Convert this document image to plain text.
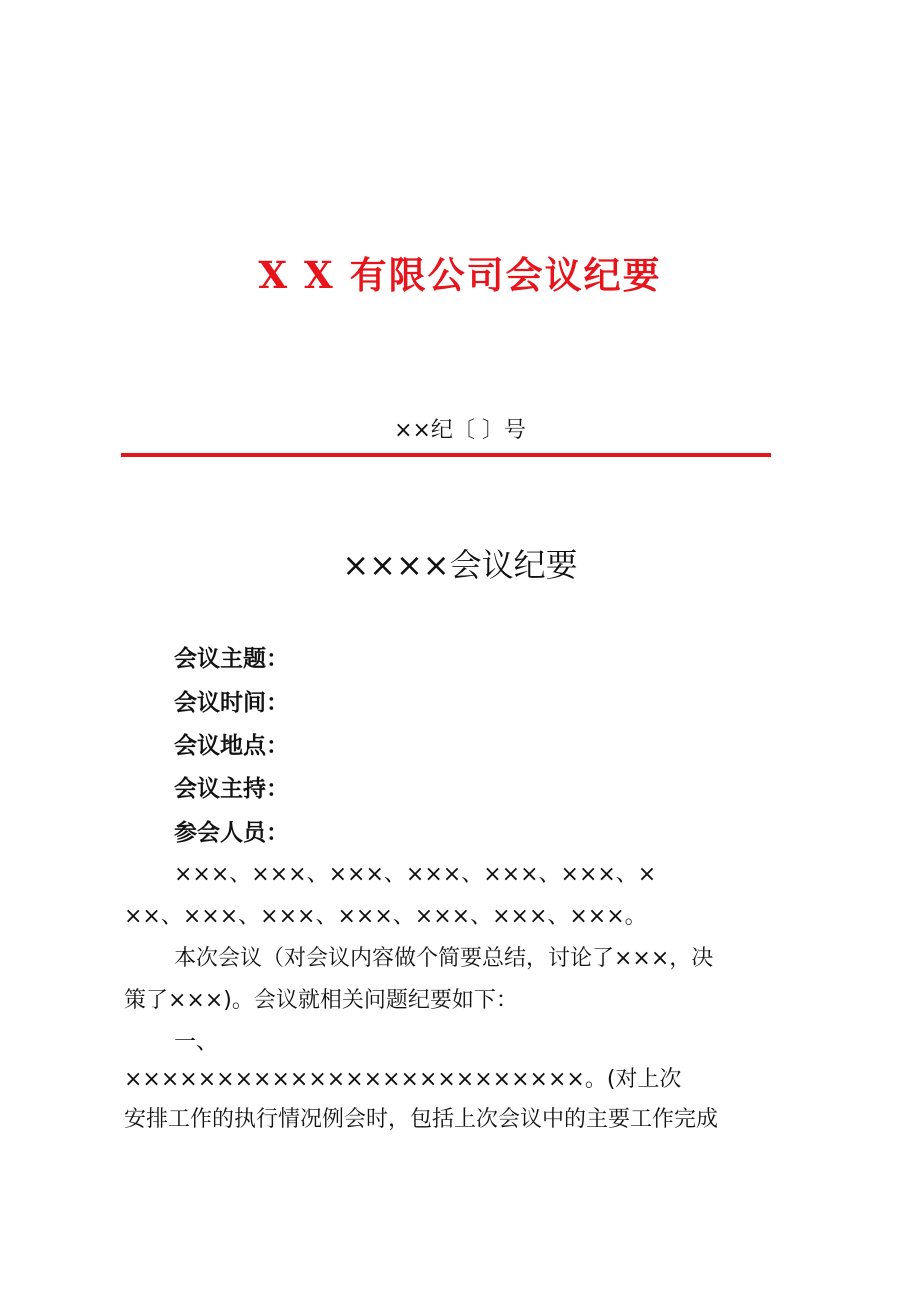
X X 有限公司会议纪要
××纪〔 〕号
××××会议纪要
会议主题：
会议时间：
会议地点：
会议主持：
参会人员：
×××、×××、×××、×××、×××、×××、×
××、×××、×××、×××、×××、×××、×××。
本次会议（对会议内容做个简要总结，讨论了×××，决
策了×××)。会议就相关问题纪要如下：
一、
×××××××××××××××××××××××××。(对上次
安排工作的执行情况例会时，包括上次会议中的主要工作完成
